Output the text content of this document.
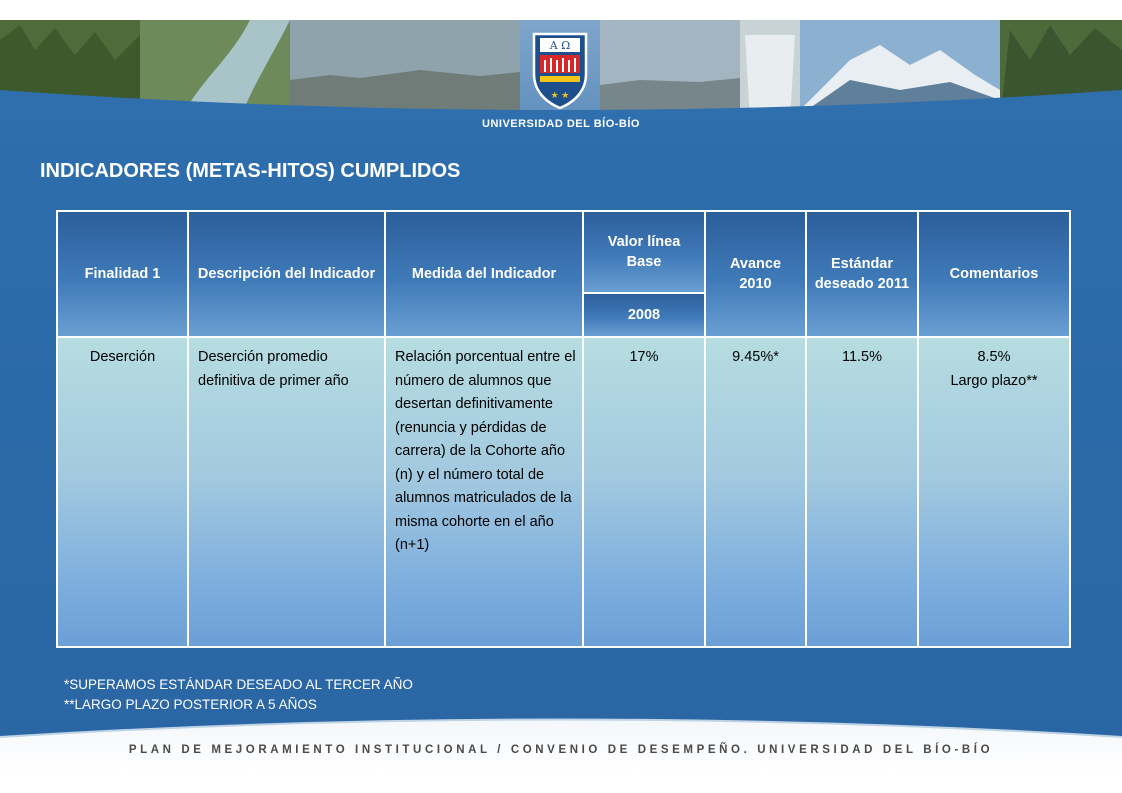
A Ω
★ ★
UNIVERSIDAD DEL BÍO-BÍO
INDICADORES (METAS-HITOS) CUMPLIDOS
Finalidad 1	Descripción del Indicador	Medida del Indicador	Valor línea Base	Avance 2010	Estándar deseado 2011	Comentarios
			2008			
Deserción	Deserción promedio definitiva de primer año	Relación porcentual entre el número de alumnos que desertan definitivamente (renuncia y pérdidas de carrera) de la Cohorte año (n) y el número total de alumnos matriculados de la misma cohorte en el año (n+1)	17%	9.45%*	11.5%	8.5%
Largo plazo**
*SUPERAMOS ESTÁNDAR DESEADO AL TERCER AÑO
**LARGO PLAZO POSTERIOR A 5 AÑOS
PLAN DE MEJORAMIENTO INSTITUCIONAL / CONVENIO DE DESEMPEÑO. UNIVERSIDAD DEL BÍO-BÍO
